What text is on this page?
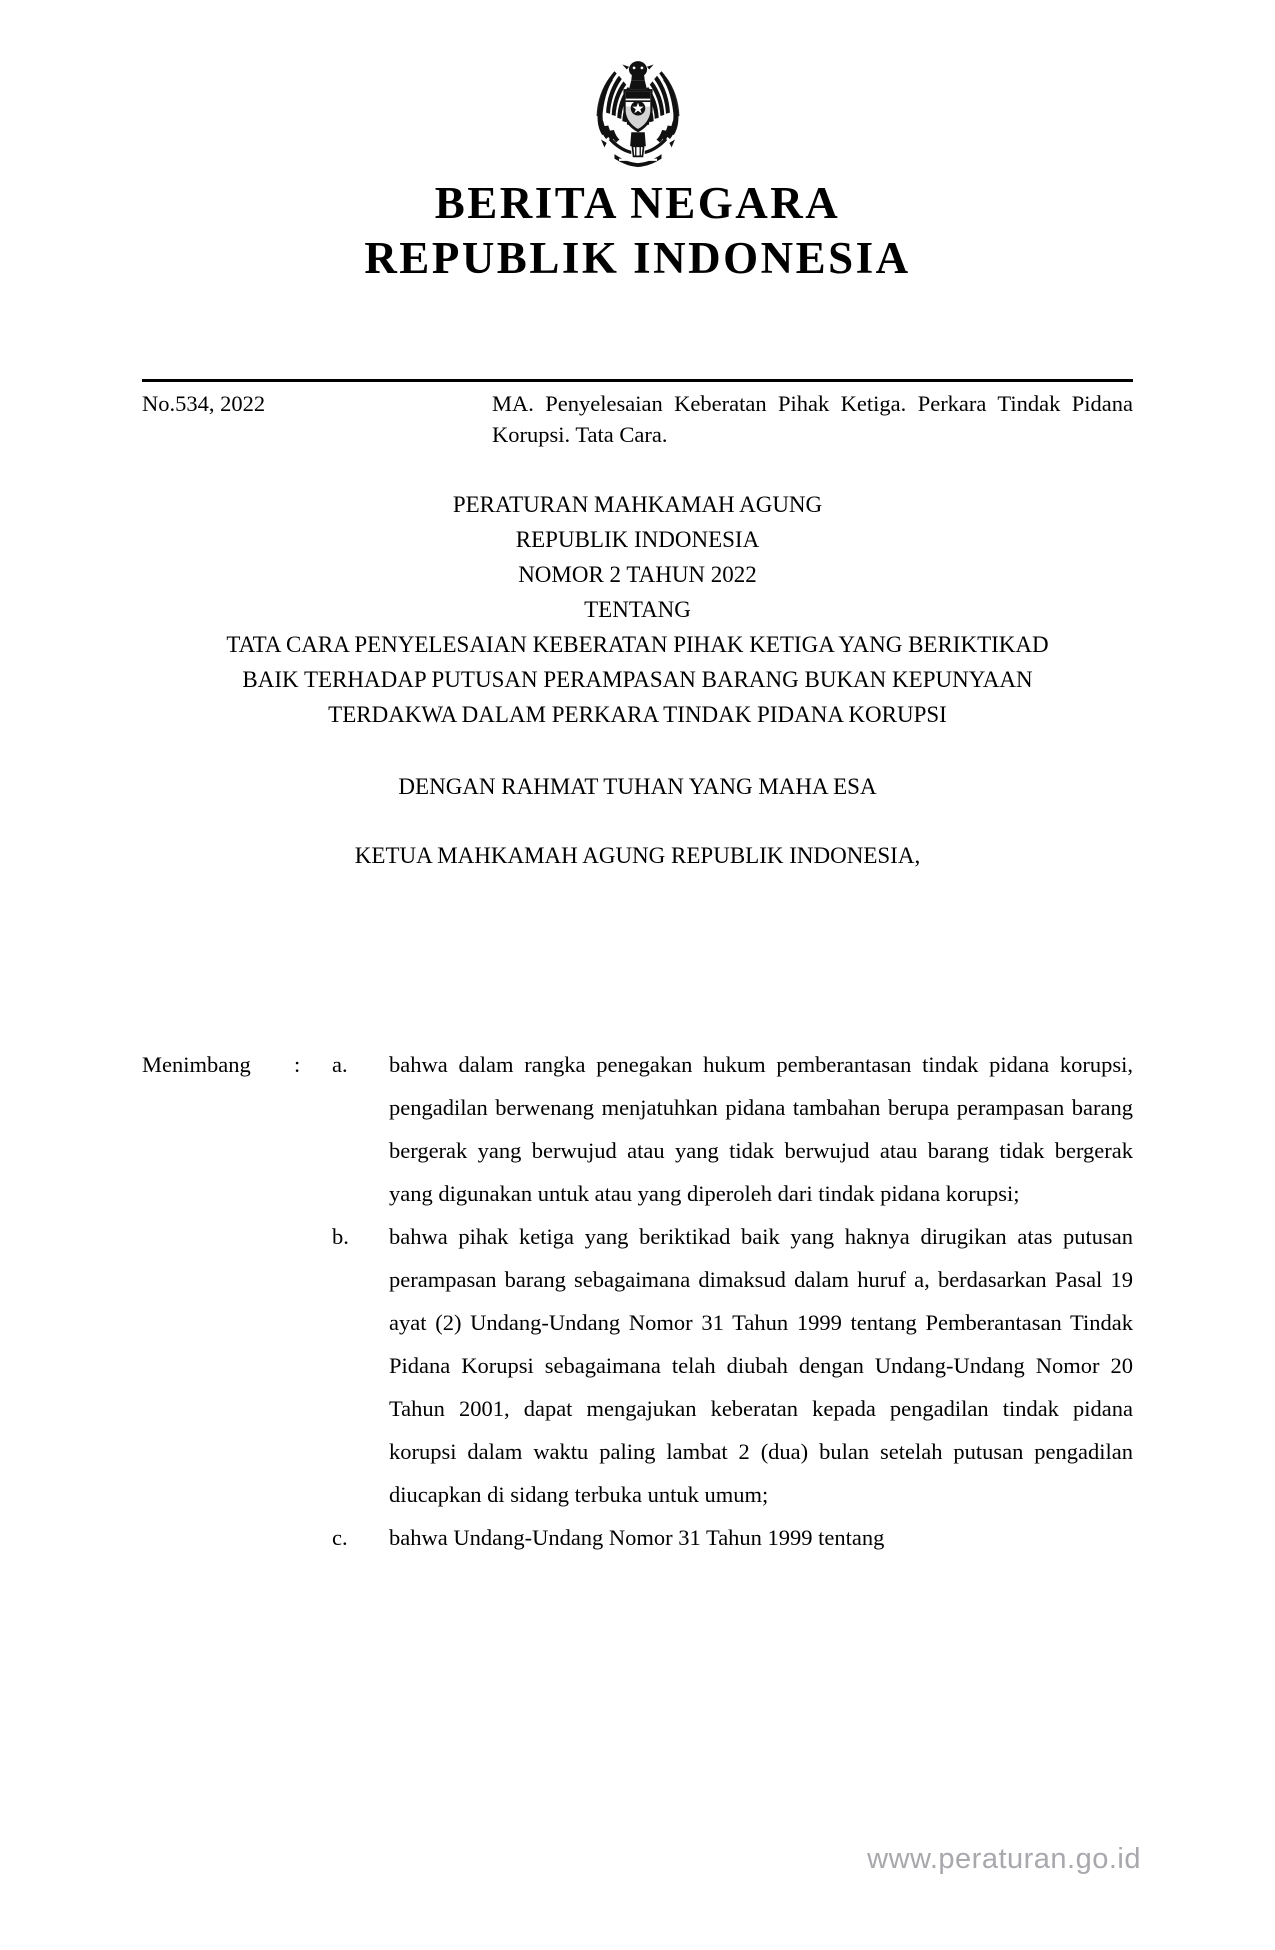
BERITA NEGARA
REPUBLIK INDONESIA
No.534, 2022	MA. Penyelesaian Keberatan Pihak Ketiga. Perkara Tindak Pidana Korupsi. Tata Cara.
PERATURAN MAHKAMAH AGUNG
REPUBLIK INDONESIA
NOMOR 2 TAHUN 2022
TENTANG
TATA CARA PENYELESAIAN KEBERATAN PIHAK KETIGA YANG BERIKTIKAD
BAIK TERHADAP PUTUSAN PERAMPASAN BARANG BUKAN KEPUNYAAN
TERDAKWA DALAM PERKARA TINDAK PIDANA KORUPSI
DENGAN RAHMAT TUHAN YANG MAHA ESA
KETUA MAHKAMAH AGUNG REPUBLIK INDONESIA,
Menimbang	:	a.	bahwa dalam rangka penegakan hukum pemberantasan tindak pidana korupsi, pengadilan berwenang menjatuhkan pidana tambahan berupa perampasan barang bergerak yang berwujud atau yang tidak berwujud atau barang tidak bergerak yang digunakan untuk atau yang diperoleh dari tindak pidana korupsi;
b.	bahwa pihak ketiga yang beriktikad baik yang haknya dirugikan atas putusan perampasan barang sebagaimana dimaksud dalam huruf a, berdasarkan Pasal 19 ayat (2) Undang-Undang Nomor 31 Tahun 1999 tentang Pemberantasan Tindak Pidana Korupsi sebagaimana telah diubah dengan Undang-Undang Nomor 20 Tahun 2001, dapat mengajukan keberatan kepada pengadilan tindak pidana korupsi dalam waktu paling lambat 2 (dua) bulan setelah putusan pengadilan diucapkan di sidang terbuka untuk umum;
c.	bahwa Undang-Undang Nomor 31 Tahun 1999 tentang
www.peraturan.go.id
